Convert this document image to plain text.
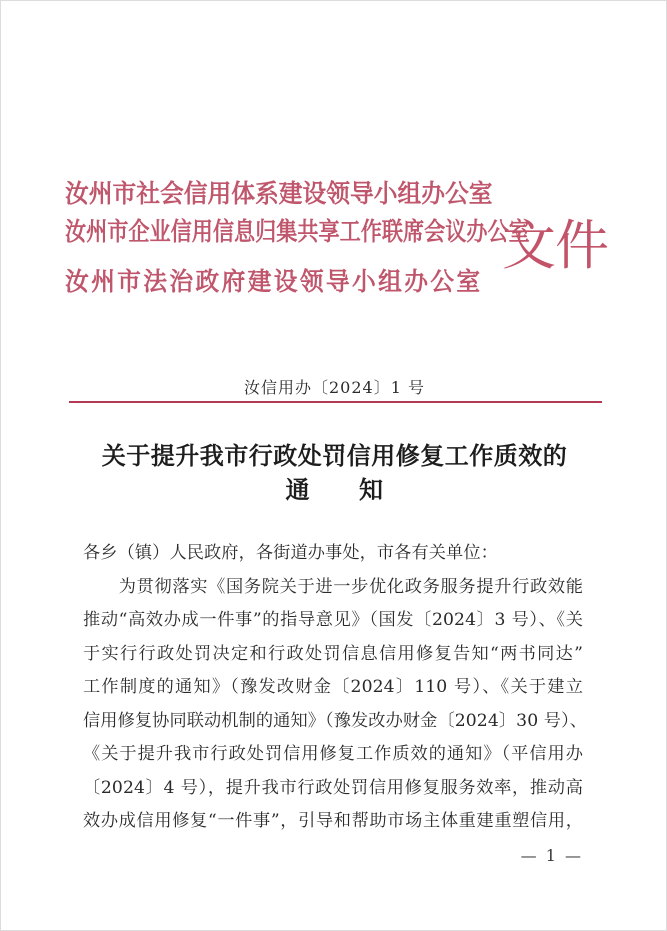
汝州市社会信用体系建设领导小组办公室
汝州市企业信用信息归集共享工作联席会议办公室
汝州市法治政府建设领导小组办公室
文件
汝信用办〔2024〕1 号
关于提升我市行政处罚信用修复工作质效的
通　　知
各乡（镇）人民政府，各街道办事处，市各有关单位：
　　为贯彻落实《国务院关于进一步优化政务服务提升行政效能
推动“高效办成一件事”的指导意见》（国发〔2024〕3 号）、《关
于实行行政处罚决定和行政处罚信息信用修复告知“两书同达”
工作制度的通知》（豫发改财金〔2024〕110 号）、《关于建立
信用修复协同联动机制的通知》（豫发改办财金〔2024〕30 号）、
《关于提升我市行政处罚信用修复工作质效的通知》（平信用办
〔2024〕4 号），提升我市行政处罚信用修复服务效率，推动高
效办成信用修复“一件事”，引导和帮助市场主体重建重塑信用，
— 1 —
